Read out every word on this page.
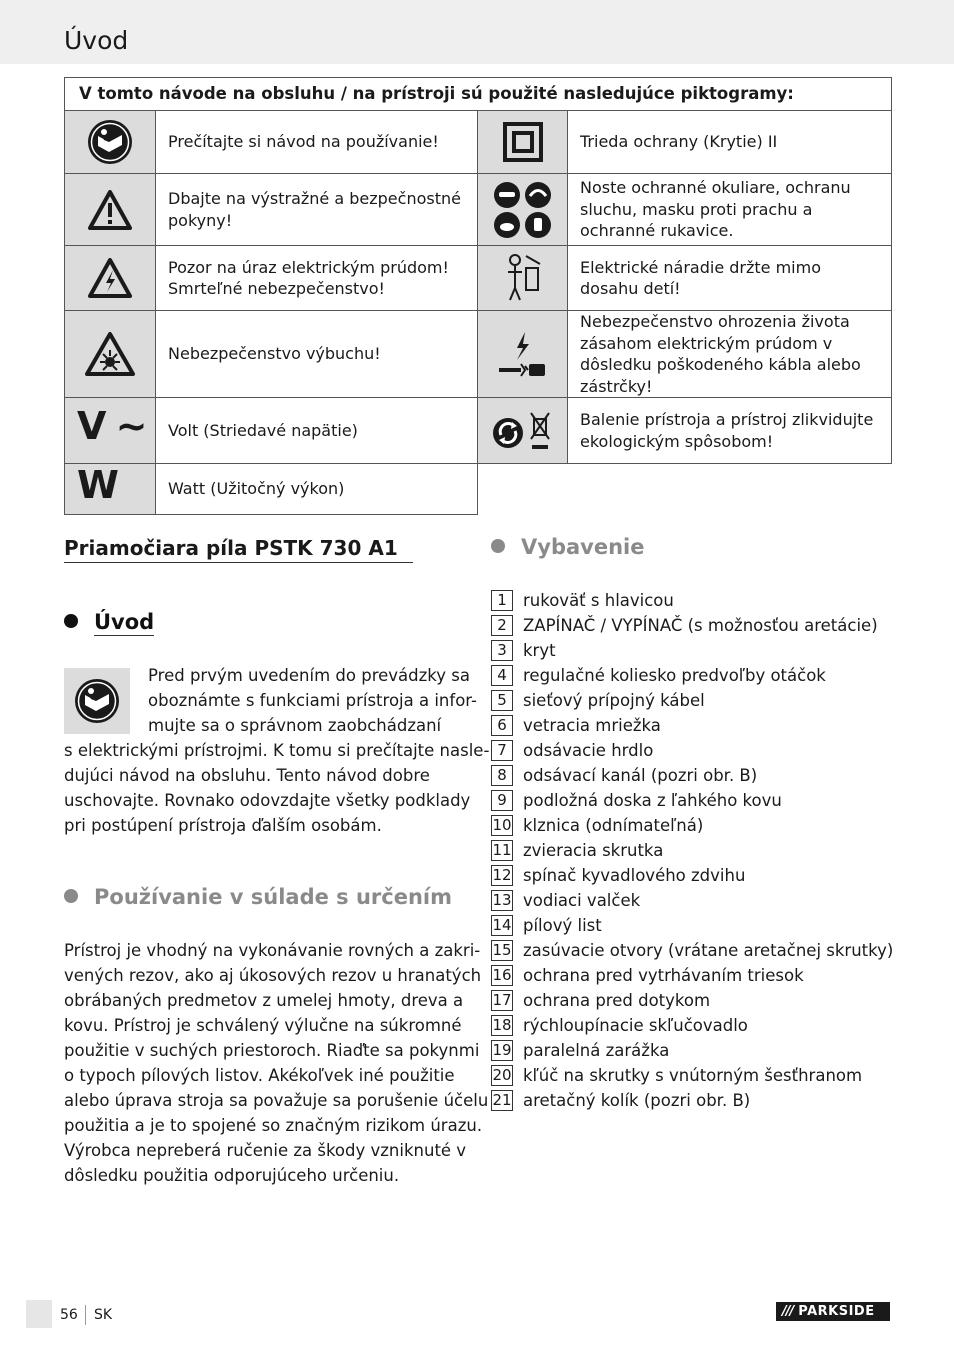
Úvod
V tomto návode na obsluhu / na prístroji sú použité nasledujúce piktogramy:			

	Prečítajte si návod na používanie!		Trieda ochrany (Krytie) II

	Dbajte na výstražné a bezpečnostné pokyny!		Noste ochranné okuliare, ochranu sluchu, masku proti prachu a ochranné rukavice.

	Pozor na úraz elektrickým prúdom! Smrteľné nebezpečenstvo!		Elektrické náradie držte mimo dosahu detí!

	Nebezpečenstvo výbuchu!		Nebezpečenstvo ohrozenia života zásahom elektrickým prúdom v dôsledku poškodeného kábla alebo zástrčky!
V ~	Volt (Striedavé napätie)		Balenie prístroja a prístroj zlikvidujte ekologickým spôsobom!
W	Watt (Užitočný výkon)		
Priamočiara píla PSTK 730 A1
Úvod
Pred prvým uvedením do prevádzky sa
oboznámte s funkciami prístroja a infor-
mujte sa o správnom zaobchádzaní
s elektrickými prístrojmi. K tomu si prečítajte nasle-
dujúci návod na obsluhu. Tento návod dobre
uschovajte. Rovnako odovzdajte všetky podklady
pri postúpení prístroja ďalším osobám.
Používanie v súlade s určením
Prístroj je vhodný na vykonávanie rovných a zakri-
vených rezov, ako aj úkosových rezov u hranatých
obrábaných predmetov z umelej hmoty, dreva a
kovu. Prístroj je schválený výlučne na súkromné
použitie v suchých priestoroch. Riaďte sa pokynmi
o typoch pílových listov. Akékoľvek iné použitie
alebo úprava stroja sa považuje sa porušenie účelu
použitia a je to spojené so značným rizikom úrazu.
Výrobca nepreberá ručenie za škody vzniknuté v
dôsledku použitia odporujúceho určeniu.
Vybavenie
1 rukoväť s hlavicou
2 ZAPÍNAČ / VYPÍNAČ (s možnosťou aretácie)
3 kryt
4 regulačné koliesko predvoľby otáčok
5 sieťový prípojný kábel
6 vetracia mriežka
7 odsávacie hrdlo
8 odsávací kanál (pozri obr. B)
9 podložná doska z ľahkého kovu
10 klznica (odnímateľná)
11 zvieracia skrutka
12 spínač kyvadlového zdvihu
13 vodiaci valček
14 pílový list
15 zasúvacie otvory (vrátane aretačnej skrutky)
16 ochrana pred vytrhávaním triesok
17 ochrana pred dotykom
18 rýchloupínacie skľučovadlo
19 paralelná zarážka
20 kľúč na skrutky s vnútorným šesťhranom
21 aretačný kolík (pozri obr. B)
56 SK	/// PARKSIDE
